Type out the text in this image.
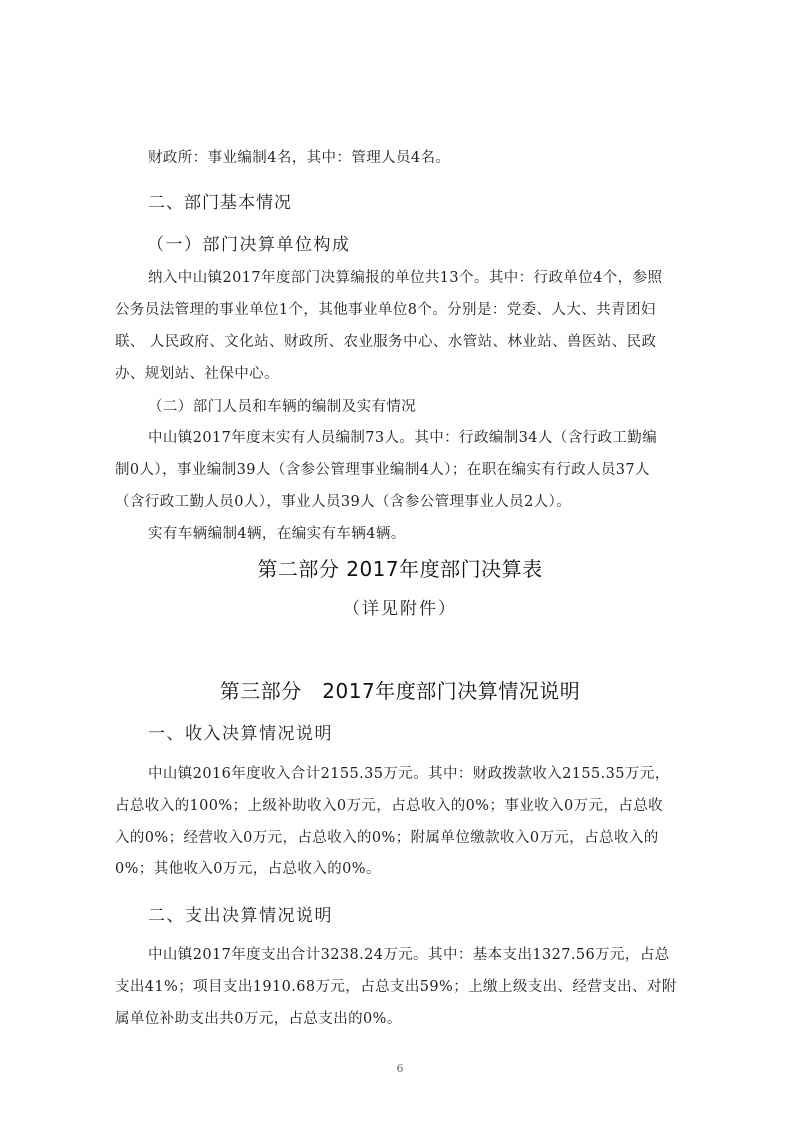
财政所：事业编制4名，其中：管理人员4名。

二、部门基本情况

（一）部门决算单位构成

纳入中山镇2017年度部门决算编报的单位共13个。其中：行政单位4个，参照

公务员法管理的事业单位1个，其他事业单位8个。分别是：党委、人大、共青团妇

联、 人民政府、文化站、财政所、农业服务中心、水管站、林业站、兽医站、民政

办、规划站、社保中心。

（二）部门人员和车辆的编制及实有情况

中山镇2017年度末实有人员编制73人。其中：行政编制34人（含行政工勤编

制0人），事业编制39人（含参公管理事业编制4人）；在职在编实有行政人员37人

（含行政工勤人员0人），事业人员39人（含参公管理事业人员2人）。

实有车辆编制4辆，在编实有车辆4辆。

第二部分 2017年度部门决算表

（详见附件）

第三部分　2017年度部门决算情况说明

一、收入决算情况说明

中山镇2016年度收入合计2155.35万元。其中：财政拨款收入2155.35万元，

占总收入的100%；上级补助收入0万元，占总收入的0%；事业收入0万元，占总收

入的0%；经营收入0万元，占总收入的0%；附属单位缴款收入0万元，占总收入的

0%；其他收入0万元，占总收入的0%。

二、支出决算情况说明

中山镇2017年度支出合计3238.24万元。其中：基本支出1327.56万元，占总

支出41%；项目支出1910.68万元，占总支出59%；上缴上级支出、经营支出、对附

属单位补助支出共0万元，占总支出的0%。

6
